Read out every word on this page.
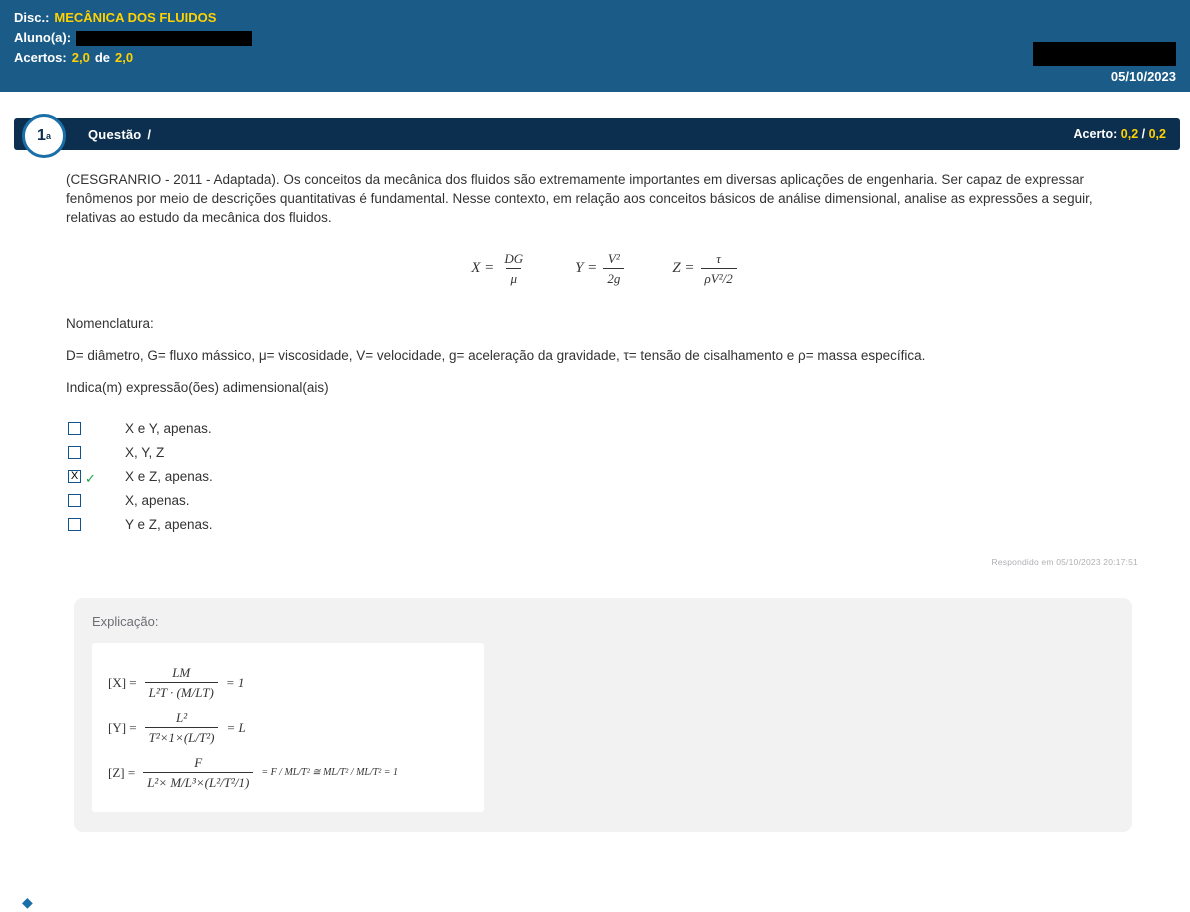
Disc.: MECÂNICA DOS FLUIDOS
Aluno(a):
Acertos: 2,0 de 2,0
05/10/2023
1 a	Questão /	Acerto: 0,2 / 0,2
(CESGRANRIO - 2011 - Adaptada). Os conceitos da mecânica dos fluidos são extremamente importantes em diversas aplicações de engenharia. Ser capaz de expressar fenômenos por meio de descrições quantitativas é fundamental. Nesse contexto, em relação aos conceitos básicos de análise dimensional, analise as expressões a seguir, relativas ao estudo da mecânica dos fluidos.
$X = \frac{DG}{\mu}$	$Y = \frac{\text{V²}}{2g}$	$Z = \frac{\tau}{\text{ρV²/2}}$
Nomenclatura:
D= diâmetro, G= fluxo mássico, μ= viscosidade, V= velocidade, g= aceleração da gravidade, τ= tensão de cisalhamento e ρ= massa específica.
Indica(m) expressão(ões) adimensional(ais)
X e Y, apenas.
X, Y, Z
X ✓ X e Z, apenas.
X, apenas.
Y e Z, apenas.
Respondido em 05/10/2023 20:17:51
Explicação:
$[X] = \frac{LM}{\text{L²T · (M/LT)}} = 1$
$[Y] = \frac{\text{L²}}{\text{T²×1×(L/T²)}} = L$
$[Z] = \frac{F}{\text{L²× M/L³×(L²/T²/1)}} = F / ML/T^2$ ≅ ML/T² / ML/T² = 1
◆
